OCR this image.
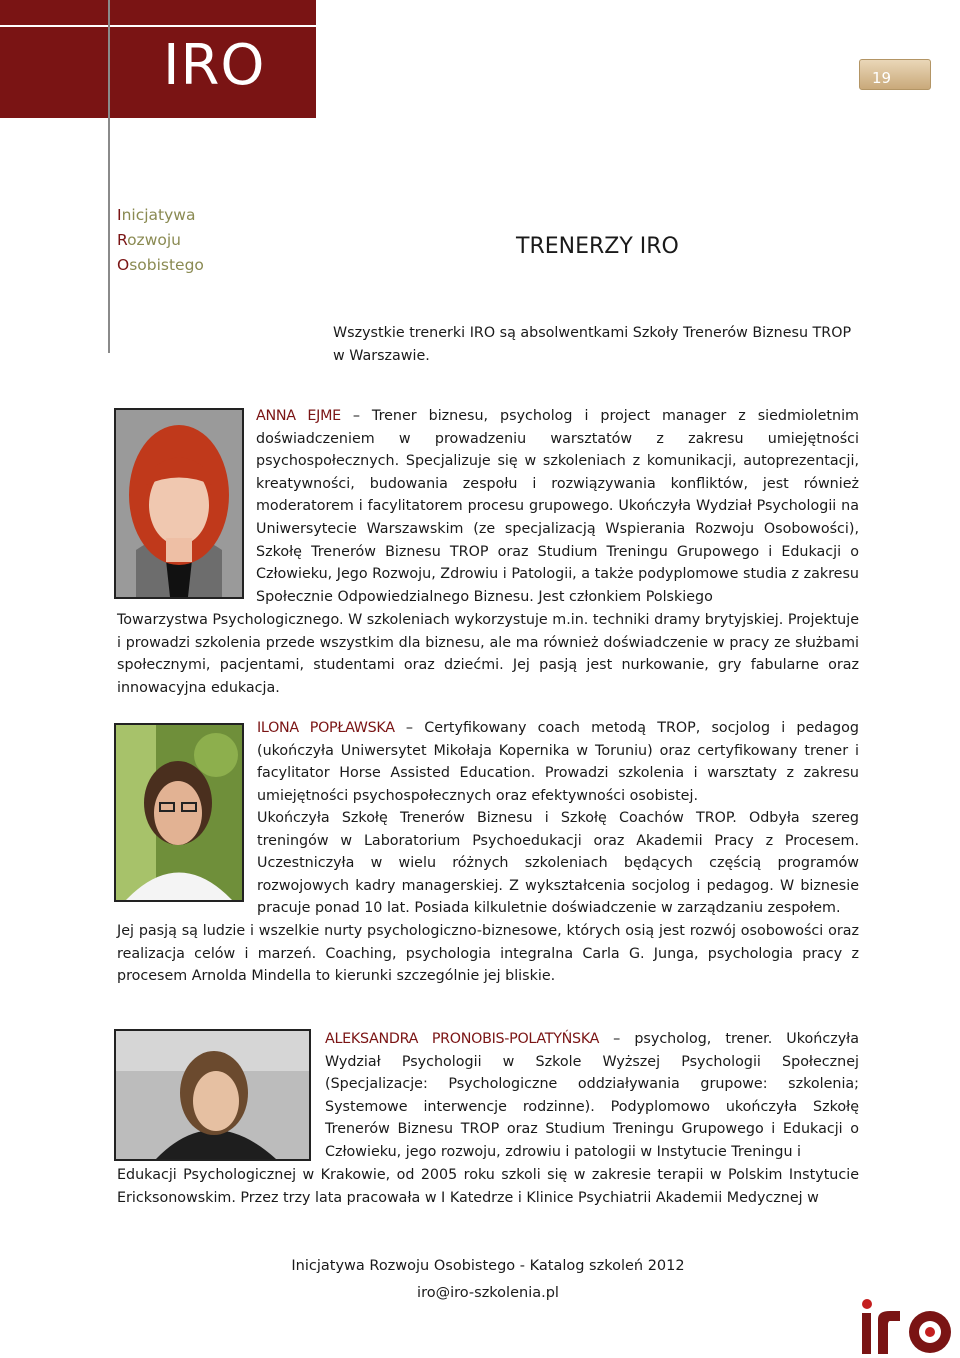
IRO	19
Inicjatywa
Rozwoju
Osobistego
TRENERZY IRO
Wszystkie trenerki IRO są absolwentkami Szkoły Trenerów Biznesu TROP w Warszawie.
ANNA EJME – Trener biznesu, psycholog i project manager z siedmioletnim doświadczeniem w prowadzeniu warsztatów z zakresu umiejętności psychospołecznych. Specjalizuje się w szkoleniach z komunikacji, autoprezentacji, kreatywności, budowania zespołu i rozwiązywania konfliktów, jest również moderatorem i facylitatorem procesu grupowego. Ukończyła Wydział Psychologii na Uniwersytecie Warszawskim (ze specjalizacją Wspierania Rozwoju Osobowości), Szkołę Trenerów Biznesu TROP oraz Studium Treningu Grupowego i Edukacji o Człowieku, Jego Rozwoju, Zdrowiu i Patologii, a także podyplomowe studia z zakresu Społecznie Odpowiedzialnego Biznesu. Jest członkiem Polskiego
Towarzystwa Psychologicznego. W szkoleniach wykorzystuje m.in. techniki dramy brytyjskiej. Projektuje i prowadzi szkolenia przede wszystkim dla biznesu, ale ma również doświadczenie w pracy ze służbami społecznymi, pacjentami, studentami oraz dziećmi. Jej pasją jest nurkowanie, gry fabularne oraz innowacyjna edukacja.
ILONA POPŁAWSKA – Certyfikowany coach metodą TROP, socjolog i pedagog (ukończyła Uniwersytet Mikołaja Kopernika w Toruniu) oraz certyfikowany trener i facylitator Horse Assisted Education. Prowadzi szkolenia i warsztaty z zakresu umiejętności psychospołecznych oraz efektywności osobistej.
Ukończyła Szkołę Trenerów Biznesu i Szkołę Coachów TROP. Odbyła szereg treningów w Laboratorium Psychoedukacji oraz Akademii Pracy z Procesem. Uczestniczyła w wielu różnych szkoleniach będących częścią programów rozwojowych kadry managerskiej. Z wykształcenia socjolog i pedagog. W biznesie pracuje ponad 10 lat. Posiada kilkuletnie doświadczenie w zarządzaniu zespołem.
Jej pasją są ludzie i wszelkie nurty psychologiczno-biznesowe, których osią jest rozwój osobowości oraz realizacja celów i marzeń. Coaching, psychologia integralna Carla G. Junga, psychologia pracy z procesem Arnolda Mindella to kierunki szczególnie jej bliskie.
ALEKSANDRA PRONOBIS-POLATYŃSKA – psycholog, trener. Ukończyła Wydział Psychologii w Szkole Wyższej Psychologii Społecznej (Specjalizacje: Psychologiczne oddziaływania grupowe: szkolenia; Systemowe interwencje rodzinne). Podyplomowo ukończyła Szkołę Trenerów Biznesu TROP oraz Studium Treningu Grupowego i Edukacji o Człowieku, jego rozwoju, zdrowiu i patologii w Instytucie Treningu i
Edukacji Psychologicznej w Krakowie, od 2005 roku szkoli się w zakresie terapii w Polskim Instytucie Ericksonowskim. Przez trzy lata pracowała w I Katedrze i Klinice Psychiatrii Akademii Medycznej w
Inicjatywa Rozwoju Osobistego - Katalog szkoleń 2012
iro@iro-szkolenia.pl
